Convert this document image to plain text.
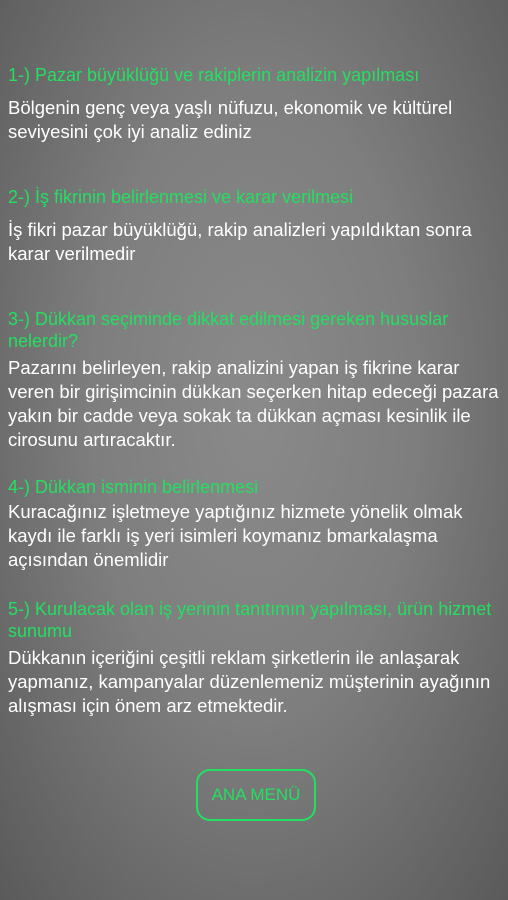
1-) Pazar büyüklüğü ve rakiplerin analizin yapılması

Bölgenin genç veya yaşlı nüfuzu, ekonomik ve kültürel seviyesini çok iyi analiz ediniz

2-) İş fikrinin belirlenmesi ve karar verilmesi

İş fikri pazar büyüklüğü, rakip analizleri yapıldıktan sonra karar verilmedir

3-) Dükkan seçiminde dikkat edilmesi gereken hususlar nelerdir?

Pazarını belirleyen, rakip analizini yapan iş fikrine karar veren bir girişimcinin dükkan seçerken hitap edeceği pazara yakın bir cadde veya sokak ta dükkan açması kesinlik ile cirosunu artıracaktır.

4-) Dükkan isminin belirlenmesi

Kuracağınız işletmeye yaptığınız hizmete yönelik olmak kaydı ile farklı iş yeri isimleri koymanız bmarkalaşma açısından önemlidir

5-) Kurulacak olan iş yerinin tanıtımın yapılması, ürün hizmet sunumu

Dükkanın içeriğini çeşitli reklam şirketlerin ile anlaşarak yapmanız, kampanyalar düzenlemeniz müşterinin ayağının alışması için önem arz etmektedir.

ANA MENÜ
